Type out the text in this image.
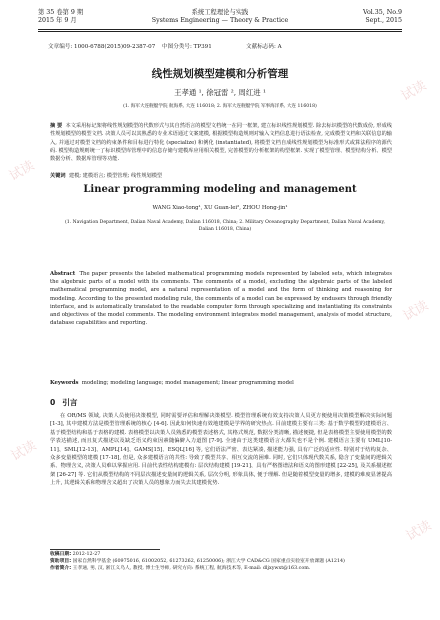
第 35 卷第 9 期
2015 年 9 月
系统工程理论与实践
Systems Engineering — Theory & Practice
Vol.35, No.9
Sept., 2015
文章编号: 1000-6788(2015)09-2387-07 中图分类号: TP391	文献标志码: A
线性规划模型建模和分析管理
王孝通 ¹, 徐冠雷 ², 周红进 ¹
(1. 海军大连舰艇学院 航海系, 大连 116018; 2. 海军大连舰艇学院 军事海洋系, 大连 116018)
摘 要 本文采用标记架将线性规划模型的代数形式与其自然语言的模型文档统一在同一框架, 建立标识线性规划模型. 除去标识模型的代数成份, 形成线性规划模型的模型文档. 决策人员可以其熟悉的专业术语通过文案建模, 根据模型构造规则对输入文档信息进行语法检查, 完成模型文档和关联信息的输入, 并通过对模型文档的约束条件和目标进行特化 (specialize) 和例化 (instantiated), 将模型文档自成线性规划模型为标准形式或算法程序的源代码. 模型构造规则统一了标识模型库管理中的信息存储与建模库应用相关模型, 完善模型的分析框架的构型框架. 实现了模型管理、模型结构分析、模型数据分析、数据库管理等功能.
关键词 建模; 建模语言; 模型管理; 线性规划模型
Linear programming modeling and management
WANG Xiao-tong¹, XU Guan-lei², ZHOU Hong-jin¹
(1. Navigation Department, Dalian Naval Academy, Dalian 116018, China; 2. Military Oceanography Department, Dalian Naval Academy, Dalian 116018, China)
Abstract The paper presents the labeled mathematical programming models represented by labeled sets, which integrates the algebraic parts of a model with its comments. The comments of a model, excluding the algebraic parts of the labeled mathematical programming model, are a natural representation of a model and the form of thinking and reasoning for modeling. According to the presented modeling rule, the comments of a model can be expressed by endusers through friendly interface, and is automatically translated to the readable computer form through specializing and instantiating its constraints and objectives of the model comments. The modeling environment integrates model management, analysis of model structure, database capabilities and reporting.
Keywords modeling; modeling language; model management; linear programming model
0 引言
在 OR/MS 领域, 决策人员使用决策模型, 同时需要评估和理解决策模型. 模型管理系统有效支持决策人员更方便使用决策模型解决实际问题 [1-3], 其中建模方法是模型管理系统的核心 [4-6]. 因此如何快速有效地建模是学界的研究热点. 目前建模主要有三类: 基于数学模型的建模语言、基于模型结构和基于表格的建模. 表格模型以决策人员熟悉的模型表述格式, 其格式规范, 数据分类清晰, 描述便捷, 但是表格模型主要使用模型的数学表达描述, 而且复式描述以及缺乏语义约束因素随偏僻入力道图 [7-9]. 全速由于这类建模语言大都失也不是个例. 建模语言主要有 UML[10-11]、SML[12-13]、AMPL[14]、GAMS[15]、ESQL[16] 等, 它们语法严密、表达紧凑, 描述能力强, 具有广泛的适应性. 特别对于结构复杂、众多变量模型的建模 [17-18], 但是, 众多建模语言的共性: 导致了模型共享、相互交流的困难. 同时, 它们只体现代数关系, 隐含了变量间的逻辑关系、物理含义, 决策人员难以掌握应用. 目前代表性结构建模有: 层次结构建模 [19-21]、具有严格图谱法和语义的图形建模 [22-25], 及关系描述框架 [26-27] 等. 它们从模型结构的不同层次描述变量间的逻辑关系, 层次分明, 形象具体, 便于理解. 但是随着模型变量的增多, 建模的难度显著提高上升, 其逻辑关系和物理含义超出了决策人员的想象力而失去其建模优势.
收稿日期: 2012-12-27
资助项目: 国家自然科学基金 (60975016, 61002052, 61273262, 61250006); 浙江大学 CAD&CG 国家重点实验室开放课题 (A1214)
作者简介: 王孝通, 男, 汉, 浙江义乌人, 教授, 博士生导师, 研究方向: 系统工程, 航海技术等, E-mail: dljxywxt@163.com.
试读
试读
试读
试读
试读
